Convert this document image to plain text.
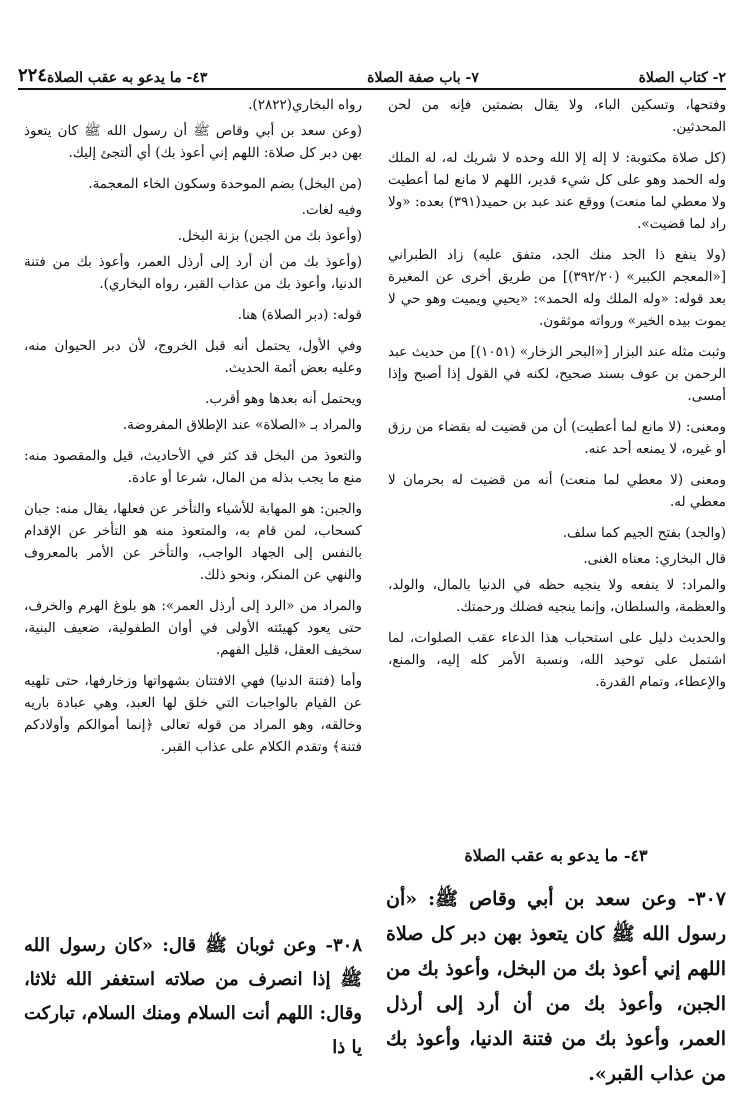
٢- كتاب الصلاة
٧- باب صفة الصلاة
٤٣- ما يدعو به عقب الصلاة
٢٢٤

وفتحها، وتسكين الباء، ولا يقال بضمتين فإنه من لحن المحدثين.

(كل صلاة مكتوبة: لا إله إلا الله وحده لا شريك له، له الملك وله الحمد وهو على كل شيء قدير، اللهم لا مانع لما أعطيت ولا معطي لما منعت) ووقع عند عبد بن حميد(٣٩١) بعده: «ولا راد لما قضيت».

(ولا ينفع ذا الجد منك الجد، متفق عليه) زاد الطبراني [«المعجم الكبير» (٣٩٢/٢٠)] من طريق أخرى عن المغيرة بعد قوله: «وله الملك وله الحمد»: «يحيي ويميت وهو حي لا يموت بيده الخير» ورواته موثقون.

وثبت مثله عند البزار [«البحر الزخار» (١٠٥١)] من حديث عبد الرحمن بن عوف بسند صحيح، لكنه في القول إذا أصبح وإذا أمسى.

ومعنى: (لا مانع لما أعطيت) أن من قضيت له بقضاء من رزق أو غيره، لا يمنعه أحد عنه.

ومعنى (لا معطي لما منعت) أنه من قضيت له بحرمان لا معطي له.

(والجد) بفتح الجيم كما سلف.

قال البخاري: معناه الغنى.

والمراد: لا ينفعه ولا ينجيه حظه في الدنيا بالمال، والولد، والعظمة، والسلطان، وإنما ينجيه فضلك ورحمتك.

والحديث دليل على استحباب هذا الدعاء عقب الصلوات، لما اشتمل على توحيد الله، ونسبة الأمر كله إليه، والمنع، والإعطاء، وتمام القدرة.

٤٣- ما يدعو به عقب الصلاة
٣٠٧- وعن سعد بن أبي وقاص ﷺ: «أن رسول الله ﷺ كان يتعوذ بهن دبر كل صلاة اللهم إني أعوذ بك من البخل، وأعوذ بك من الجبن، وأعوذ بك من أن أرد إلى أرذل العمر، وأعوذ بك من فتنة الدنيا، وأعوذ بك من عذاب القبر».

رواه البخاري(٢٨٢٢).

(وعن سعد بن أبي وقاص ﷺ أن رسول الله ﷺ كان يتعوذ بهن دبر كل صلاة: اللهم إني أعوذ بك) أي ألتجئ إليك.

(من البخل) بضم الموحدة وسكون الخاء المعجمة.

وفيه لغات.

(وأعوذ بك من الجبن) بزنة البخل.

(وأعوذ بك من أن أرد إلى أرذل العمر، وأعوذ بك من فتنة الدنيا، وأعوذ بك من عذاب القبر، رواه البخاري).

قوله: (دبر الصلاة) هنا.

وفي الأول، يحتمل أنه قبل الخروج، لأن دبر الحيوان منه، وعليه بعض أئمة الحديث.

ويحتمل أنه بعدها وهو أقرب.

والمراد بـ «الصلاة» عند الإطلاق المفروضة.

والتعوذ من البخل قد كثر في الأحاديث، قيل والمقصود منه: منع ما يجب بذله من المال، شرعا أو عادة.

والجبن: هو المهابة للأشياء والتأخر عن فعلها، يقال منه: جبان كسحاب، لمن قام به، والمتعوذ منه هو التأخر عن الإقدام بالنفس إلى الجهاد الواجب، والتأخر عن الأمر بالمعروف والنهي عن المنكر، ونحو ذلك.

والمراد من «الرد إلى أرذل العمر»: هو بلوغ الهرم والخرف، حتى يعود كهيئته الأولى في أوان الطفولية، ضعيف البنية، سخيف العقل، قليل الفهم.

وأما (فتنة الدنيا) فهي الافتتان بشهواتها وزخارفها، حتى تلهيه عن القيام بالواجبات التي خلق لها العبد، وهي عبادة باريه وخالقه، وهو المراد من قوله تعالى ﴿إنما أموالكم وأولادكم فتنة﴾ وتقدم الكلام على عذاب القبر.

٣٠٨- وعن ثوبان ﷺ قال: «كان رسول الله ﷺ إذا انصرف من صلاته استغفر الله ثلاثا، وقال: اللهم أنت السلام ومنك السلام، تباركت يا ذا
